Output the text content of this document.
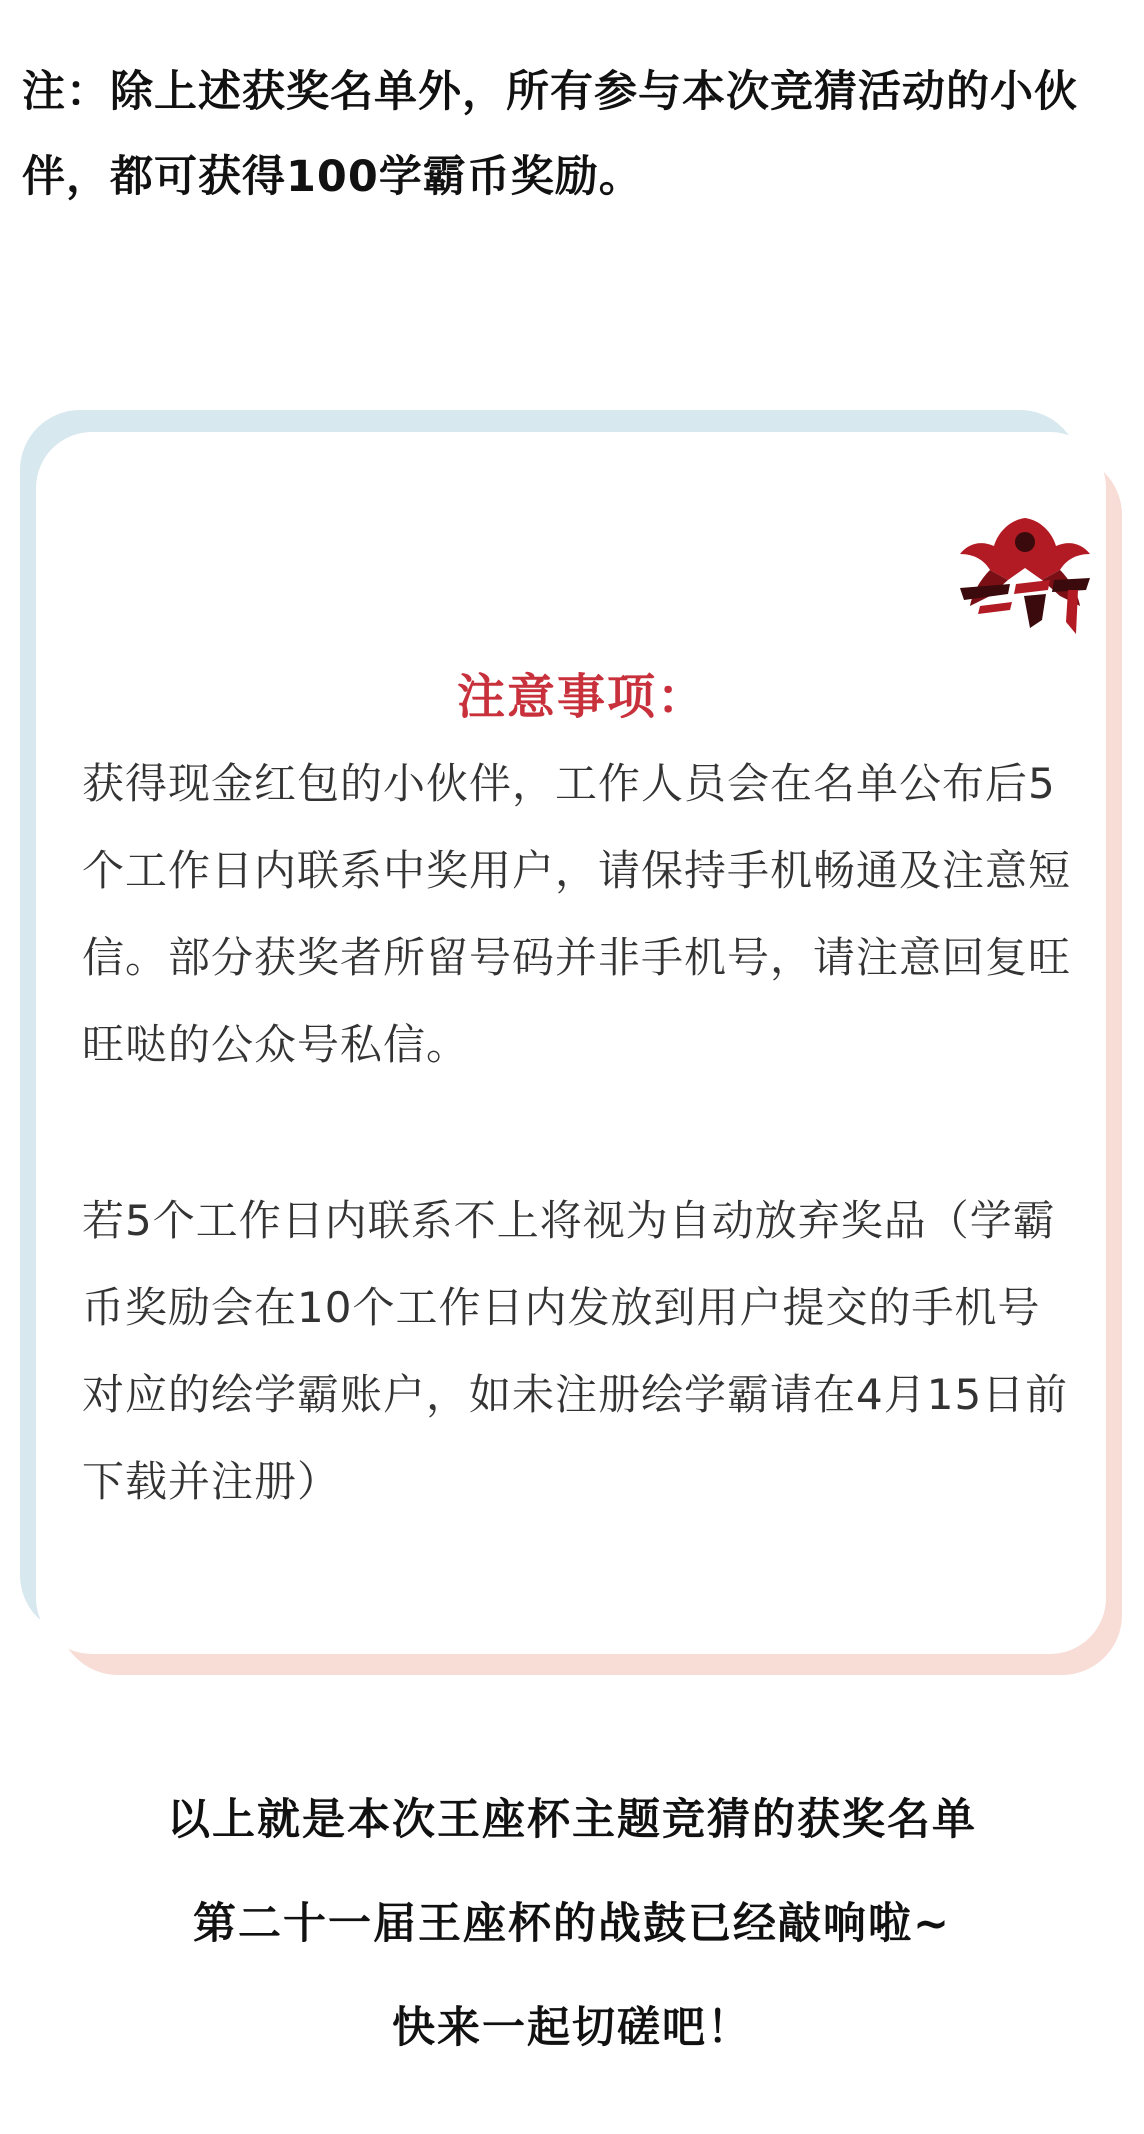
注：除上述获奖名单外，所有参与本次竞猜活动的小伙伴，都可获得100学霸币奖励。
注意事项：

获得现金红包的小伙伴，工作人员会在名单公布后5个工作日内联系中奖用户，请保持手机畅通及注意短信。部分获奖者所留号码并非手机号，请注意回复旺旺哒的公众号私信。

若5个工作日内联系不上将视为自动放弃奖品（学霸币奖励会在10个工作日内发放到用户提交的手机号对应的绘学霸账户，如未注册绘学霸请在4月15日前下载并注册）

以上就是本次王座杯主题竞猜的获奖名单
第二十一届王座杯的战鼓已经敲响啦~
快来一起切磋吧！
